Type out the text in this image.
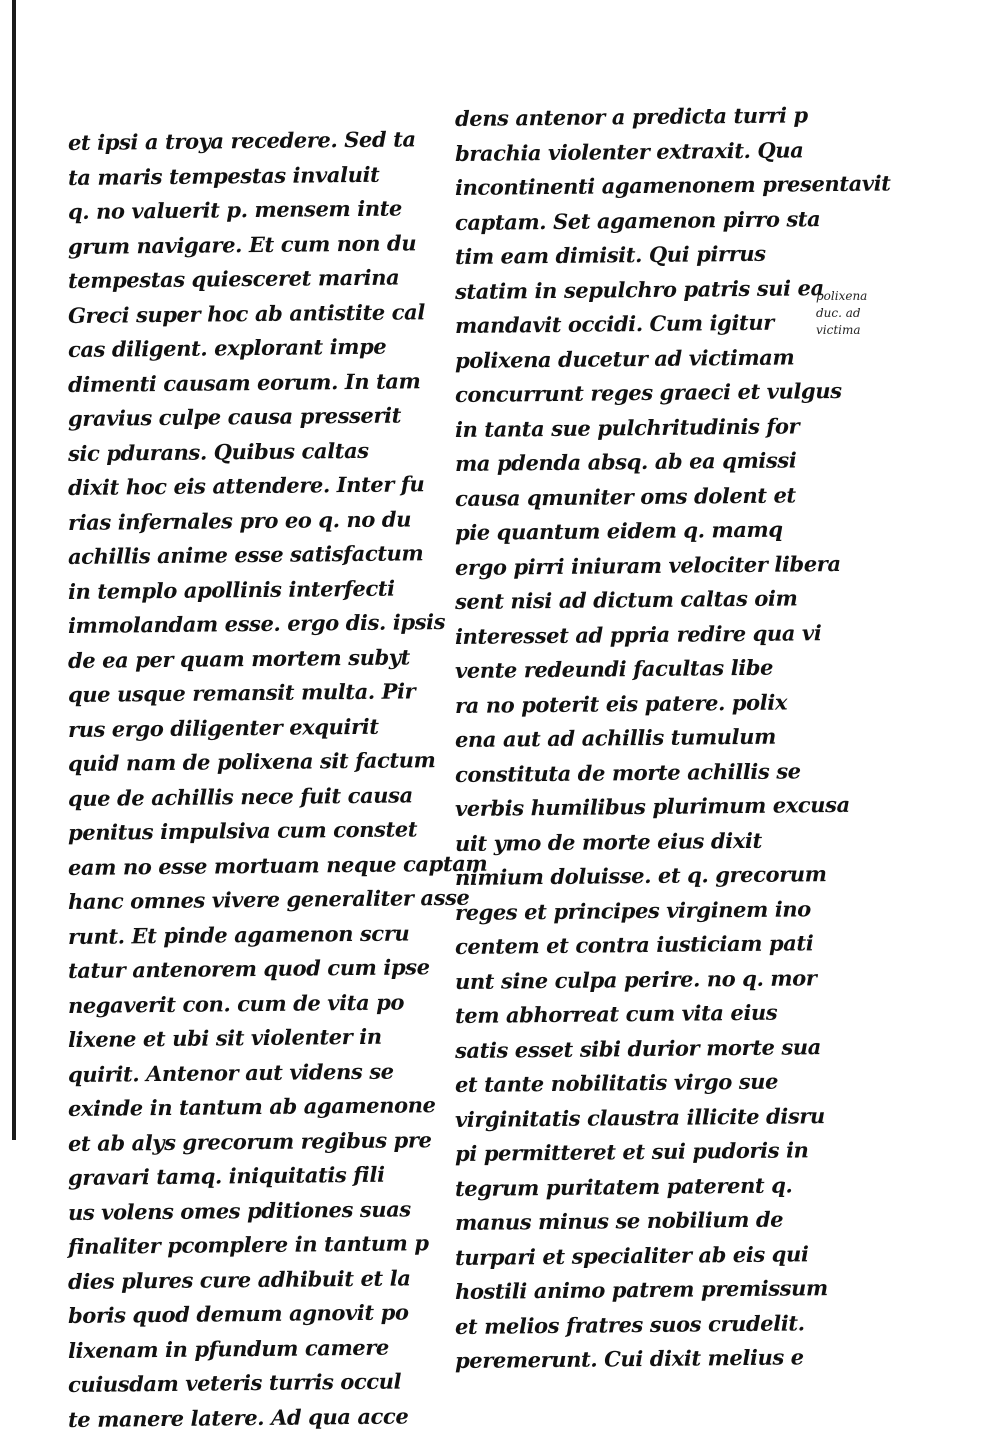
et ipsi a troya recedere. Sed ta
ta maris tempestas invaluit
q. no valuerit p. mensem inte
grum navigare. Et cum non du
tempestas quiesceret marina
Greci super hoc ab antistite cal
cas diligent. explorant impe
dimenti causam eorum. In tam
gravius culpe causa presserit
sic pdurans. Quibus caltas
dixit hoc eis attendere. Inter fu
rias infernales pro eo q. no du
achillis anime esse satisfactum
in templo apollinis interfecti
immolandam esse. ergo dis. ipsis
de ea per quam mortem subyt
que usque remansit multa. Pir
rus ergo diligenter exquirit
quid nam de polixena sit factum
que de achillis nece fuit causa
penitus impulsiva cum constet
eam no esse mortuam neque captam
hanc omnes vivere generaliter asse
runt. Et pinde agamenon scru
tatur antenorem quod cum ipse
negaverit con. cum de vita po
lixene et ubi sit violenter in
quirit. Antenor aut videns se
exinde in tantum ab agamenone
et ab alys grecorum regibus pre
gravari tamq. iniquitatis fili
us volens omes pditiones suas
finaliter pcomplere in tantum p
dies plures cure adhibuit et la
boris quod demum agnovit po
lixenam in pfundum camere
cuiusdam veteris turris occul
te manere latere. Ad qua acce
dens antenor a predicta turri p
brachia violenter extraxit. Qua
incontinenti agamenonem presentavit
captam. Set agamenon pirro sta
tim eam dimisit. Qui pirrus
statim in sepulchro patris sui ea
mandavit occidi. Cum igitur
polixena ducetur ad victimam
concurrunt reges graeci et vulgus
in tanta sue pulchritudinis for
ma pdenda absq. ab ea qmissi
causa qmuniter oms dolent et
pie quantum eidem q. mamq
ergo pirri iniuram velociter libera
sent nisi ad dictum caltas oim
interesset ad ppria redire qua vi
vente redeundi facultas libe
ra no poterit eis patere. polix
ena aut ad achillis tumulum
constituta de morte achillis se
verbis humilibus plurimum excusa
uit ymo de morte eius dixit
nimium doluisse. et q. grecorum
reges et principes virginem ino
centem et contra iusticiam pati
unt sine culpa perire. no q. mor
tem abhorreat cum vita eius
satis esset sibi durior morte sua
et tante nobilitatis virgo sue
virginitatis claustra illicite disru
pi permitteret et sui pudoris in
tegrum puritatem paterent q.
manus minus se nobilium de
turpari et specialiter ab eis qui
hostili animo patrem premissum
et melios fratres suos crudelit.
peremerunt. Cui dixit melius e
polixena
duc. ad
victima
